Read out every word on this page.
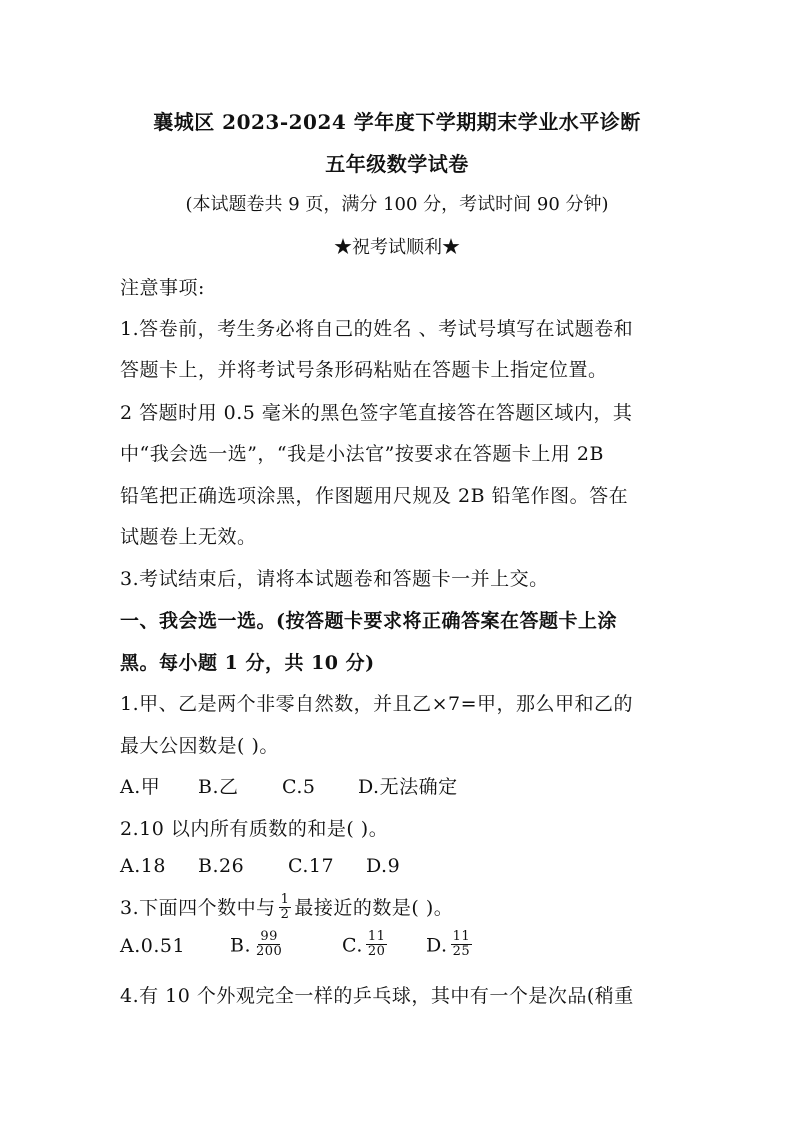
襄城区 2023-2024 学年度下学期期末学业水平诊断
五年级数学试卷
(本试题卷共 9 页，满分 100 分，考试时间 90 分钟)
★祝考试顺利★
注意事项:
1.答卷前，考生务必将自己的姓名 、考试号填写在试题卷和
答题卡上，并将考试号条形码粘贴在答题卡上指定位置。
2 答题时用 0.5 毫米的黑色签字笔直接答在答题区域内，其
中“我会选一选”，“我是小法官”按要求在答题卡上用 2B
铅笔把正确选项涂黑，作图题用尺规及 2B 铅笔作图。答在
试题卷上无效。
3.考试结束后，请将本试题卷和答题卡一并上交。
一、我会选一选。(按答题卡要求将正确答案在答题卡上涂
黑。每小题 1 分，共 10 分)
1.甲、乙是两个非零自然数，并且乙×7=甲，那么甲和乙的
最大公因数是( )。
A.甲 B.乙 C.5 D.无法确定
2.10 以内所有质数的和是( )。
A.18 B.26 C.17 D.9
3.下面四个数中与 $\frac{1}{2}$ 最接近的数是( )。
A.0.51 B. $\frac{99}{200}$	C. $\frac{11}{20} D$. $\frac{11}{25}$
4.有 10 个外观完全一样的乒乓球，其中有一个是次品(稍重
